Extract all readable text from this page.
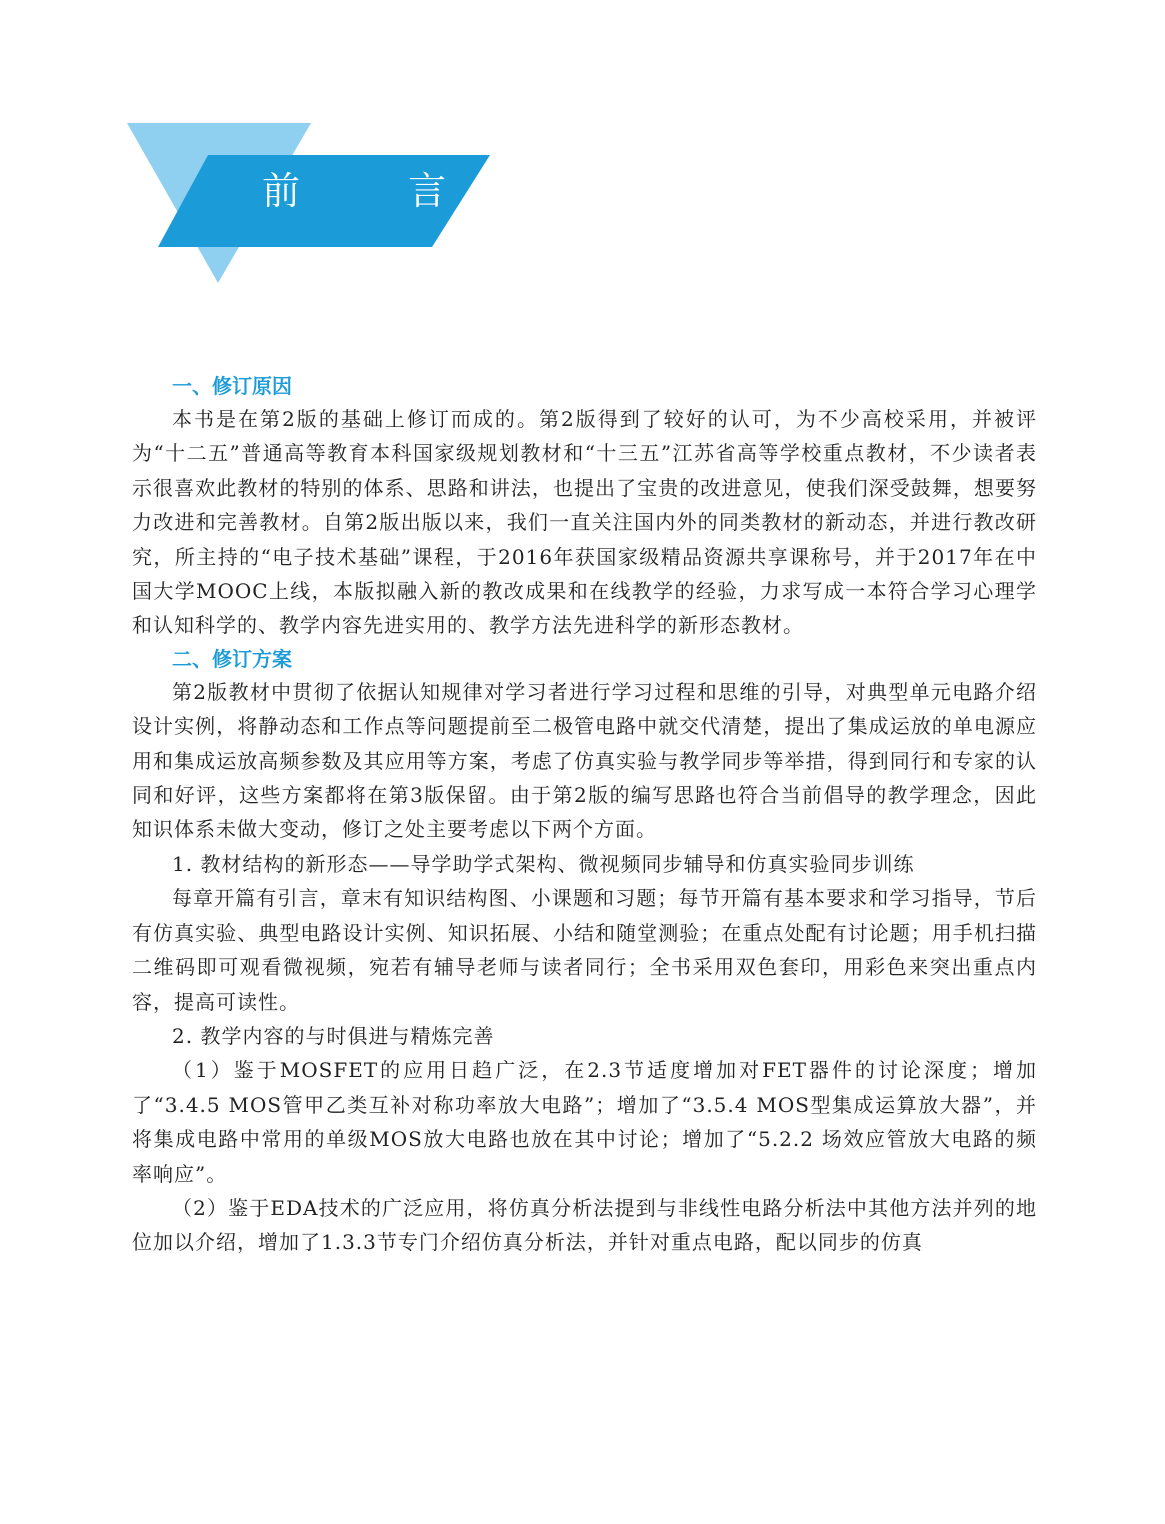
前 言
一、修订原因

本书是在第2版的基础上修订而成的。第2版得到了较好的认可，为不少高校采用，并被评为“十二五”普通高等教育本科国家级规划教材和“十三五”江苏省高等学校重点教材，不少读者表示很喜欢此教材的特别的体系、思路和讲法，也提出了宝贵的改进意见，使我们深受鼓舞，想要努力改进和完善教材。自第2版出版以来，我们一直关注国内外的同类教材的新动态，并进行教改研究，所主持的“电子技术基础”课程，于2016年获国家级精品资源共享课称号，并于2017年在中国大学MOOC上线，本版拟融入新的教改成果和在线教学的经验，力求写成一本符合学习心理学和认知科学的、教学内容先进实用的、教学方法先进科学的新形态教材。

二、修订方案

第2版教材中贯彻了依据认知规律对学习者进行学习过程和思维的引导，对典型单元电路介绍设计实例，将静动态和工作点等问题提前至二极管电路中就交代清楚，提出了集成运放的单电源应用和集成运放高频参数及其应用等方案，考虑了仿真实验与教学同步等举措，得到同行和专家的认同和好评，这些方案都将在第3版保留。由于第2版的编写思路也符合当前倡导的教学理念，因此知识体系未做大变动，修订之处主要考虑以下两个方面。

1. 教材结构的新形态——导学助学式架构、微视频同步辅导和仿真实验同步训练

每章开篇有引言，章末有知识结构图、小课题和习题；每节开篇有基本要求和学习指导，节后有仿真实验、典型电路设计实例、知识拓展、小结和随堂测验；在重点处配有讨论题；用手机扫描二维码即可观看微视频，宛若有辅导老师与读者同行；全书采用双色套印，用彩色来突出重点内容，提高可读性。

2. 教学内容的与时俱进与精炼完善

（1）鉴于MOSFET的应用日趋广泛，在2.3节适度增加对FET器件的讨论深度；增加了“3.4.5 MOS管甲乙类互补对称功率放大电路”；增加了“3.5.4 MOS型集成运算放大器”，并将集成电路中常用的单级MOS放大电路也放在其中讨论；增加了“5.2.2 场效应管放大电路的频率响应”。

（2）鉴于EDA技术的广泛应用，将仿真分析法提到与非线性电路分析法中其他方法并列的地位加以介绍，增加了1.3.3节专门介绍仿真分析法，并针对重点电路，配以同步的仿真
